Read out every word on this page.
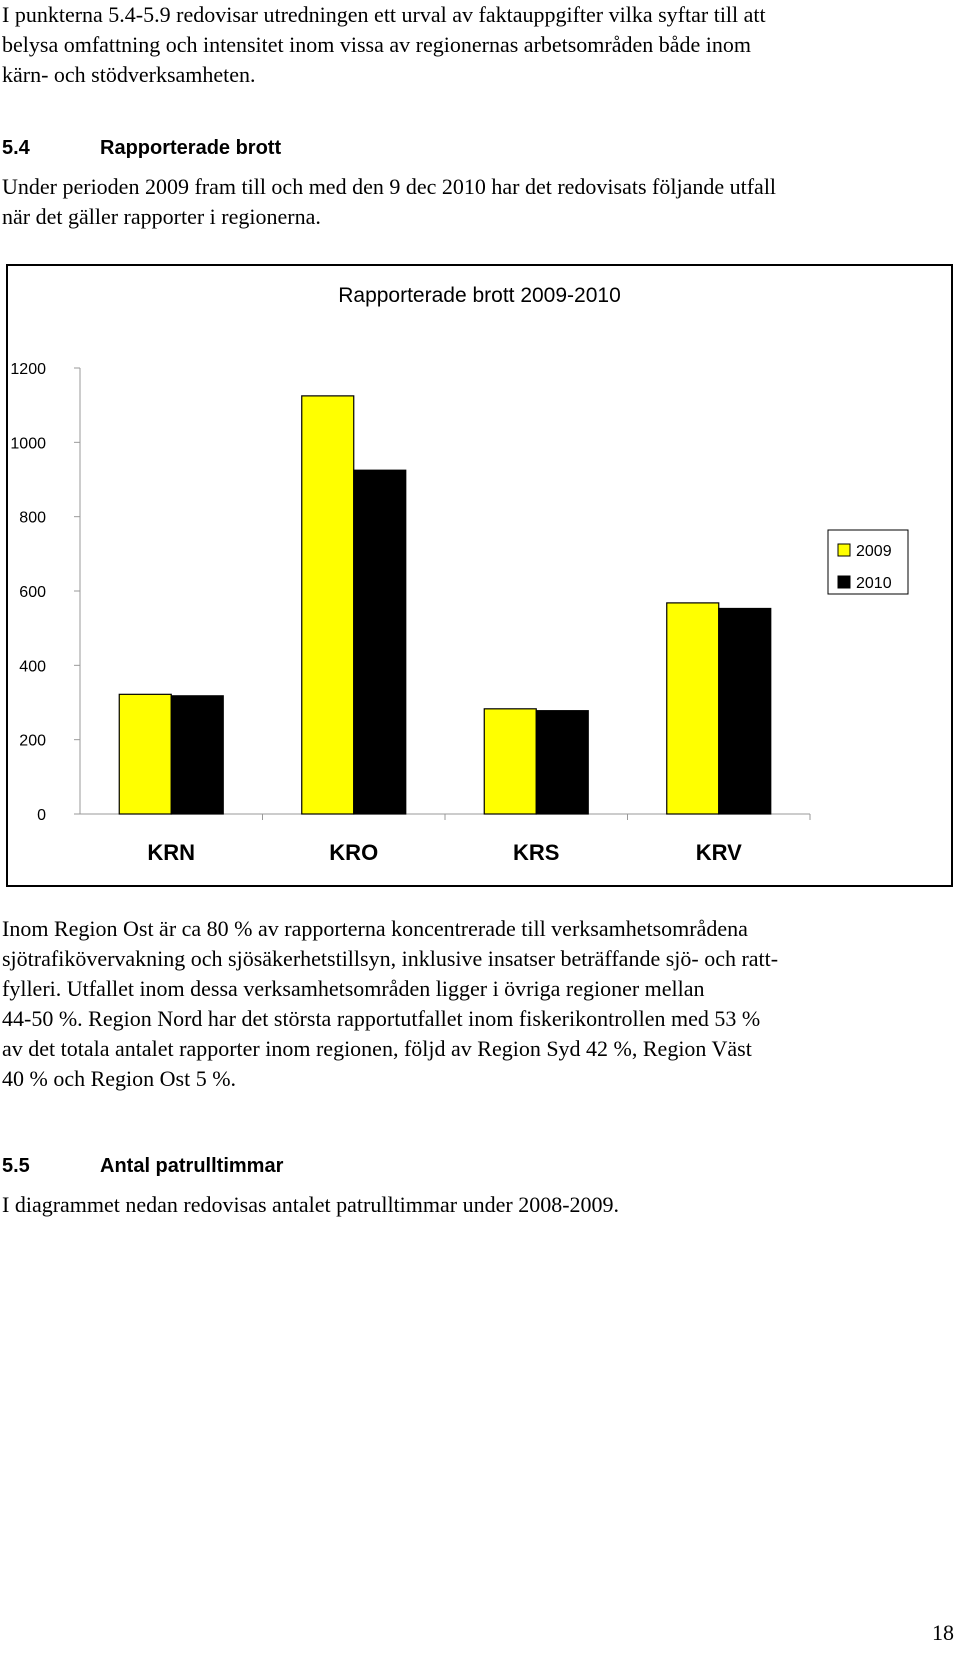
I punkterna 5.4-5.9 redovisar utredningen ett urval av faktauppgifter vilka syftar till att
belysa omfattning och intensitet inom vissa av regionernas arbetsområden både inom
kärn- och stödverksamheten.

5.4	Rapporterade brott

Under perioden 2009 fram till och med den 9 dec 2010 har det redovisats följande utfall
när det gäller rapporter i regionerna.

Rapporterade brott 2009-2010
0
200
400
600
800
1000
1200
KRN	KRO	KRS	KRV
2009
2010

Inom Region Ost är ca 80 % av rapporterna koncentrerade till verksamhetsområdena
sjötrafikövervakning och sjösäkerhetstillsyn, inklusive insatser beträffande sjö- och ratt-
fylleri. Utfallet inom dessa verksamhetsområden ligger i övriga regioner mellan
44-50 %. Region Nord har det största rapportutfallet inom fiskerikontrollen med 53 %
av det totala antalet rapporter inom regionen, följd av Region Syd 42 %, Region Väst
40 % och Region Ost 5 %.

5.5	Antal patrulltimmar

I diagrammet nedan redovisas antalet patrulltimmar under 2008-2009.

18
